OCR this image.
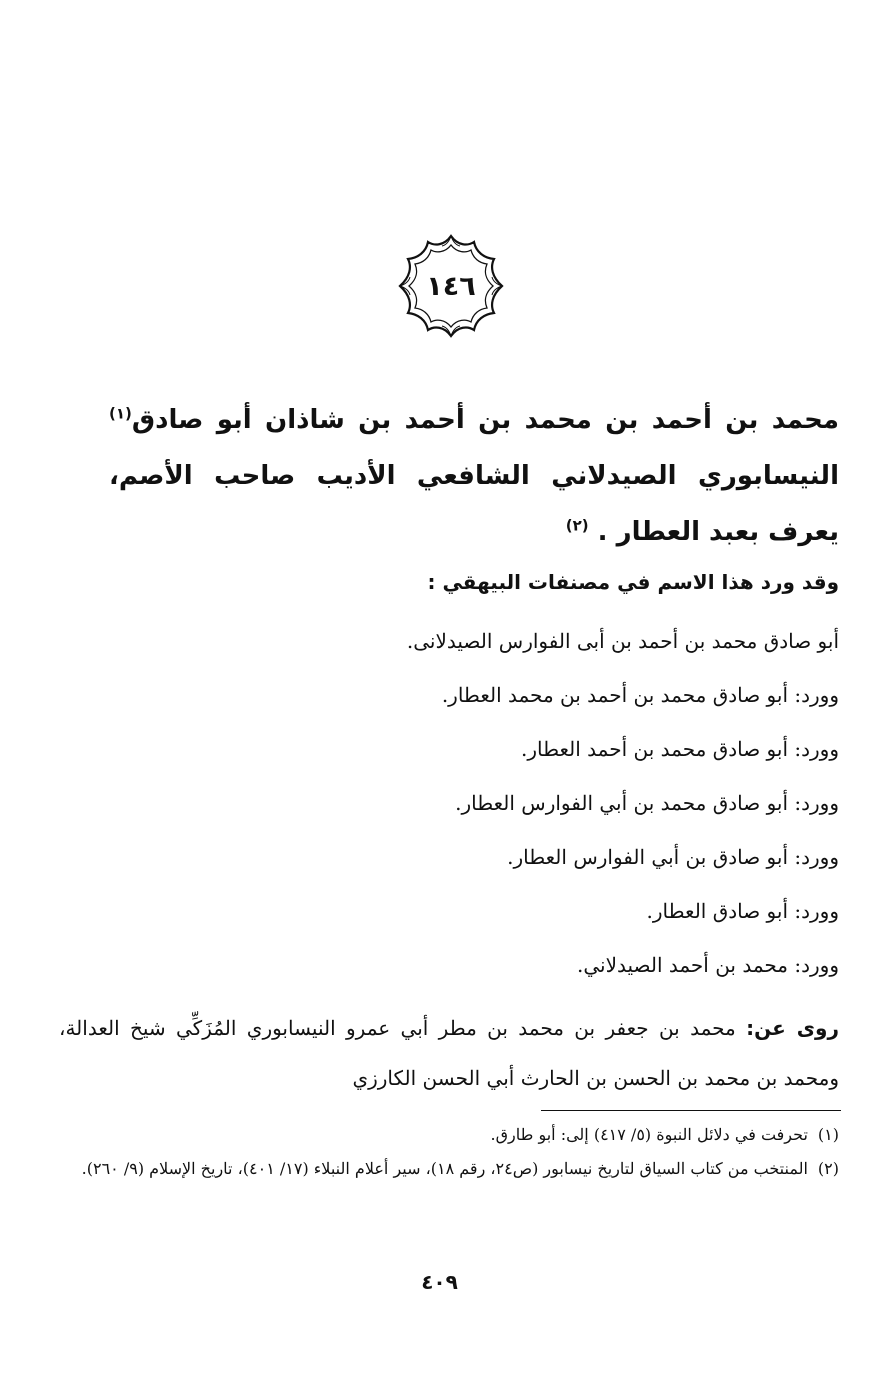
١٤٦
محمد بن أحمد بن محمد بن أحمد بن شاذان أبو صادق$^{(١)}$ النيسابوري الصيدلاني الشافعي الأديب صاحب الأصم، يعرف بعبد العطار . $^{(٢)}$
وقد ورد هذا الاسم في مصنفات البيهقي :
أبو صادق محمد بن أحمد بن أبى الفوارس الصيدلانى.
وورد: أبو صادق محمد بن أحمد بن محمد العطار.
وورد: أبو صادق محمد بن أحمد العطار.
وورد: أبو صادق محمد بن أبي الفوارس العطار.
وورد: أبو صادق بن أبي الفوارس العطار.
وورد: أبو صادق العطار.
وورد: محمد بن أحمد الصيدلاني.
روى عن: محمد بن جعفر بن محمد بن مطر أبي عمرو النيسابوري المُزَكِّي شيخ العدالة، ومحمد بن محمد بن الحسن بن الحارث أبي الحسن الكارزي
(١)
تحرفت في دلائل النبوة (٥/ ٤١٧) إلى: أبو طارق.
(٢)
المنتخب من كتاب السياق لتاريخ نيسابور (ص٢٤، رقم ١٨)، سير أعلام النبلاء (١٧/ ٤٠١)، تاريخ الإسلام (٩/ ٢٦٠).
٤٠٩
